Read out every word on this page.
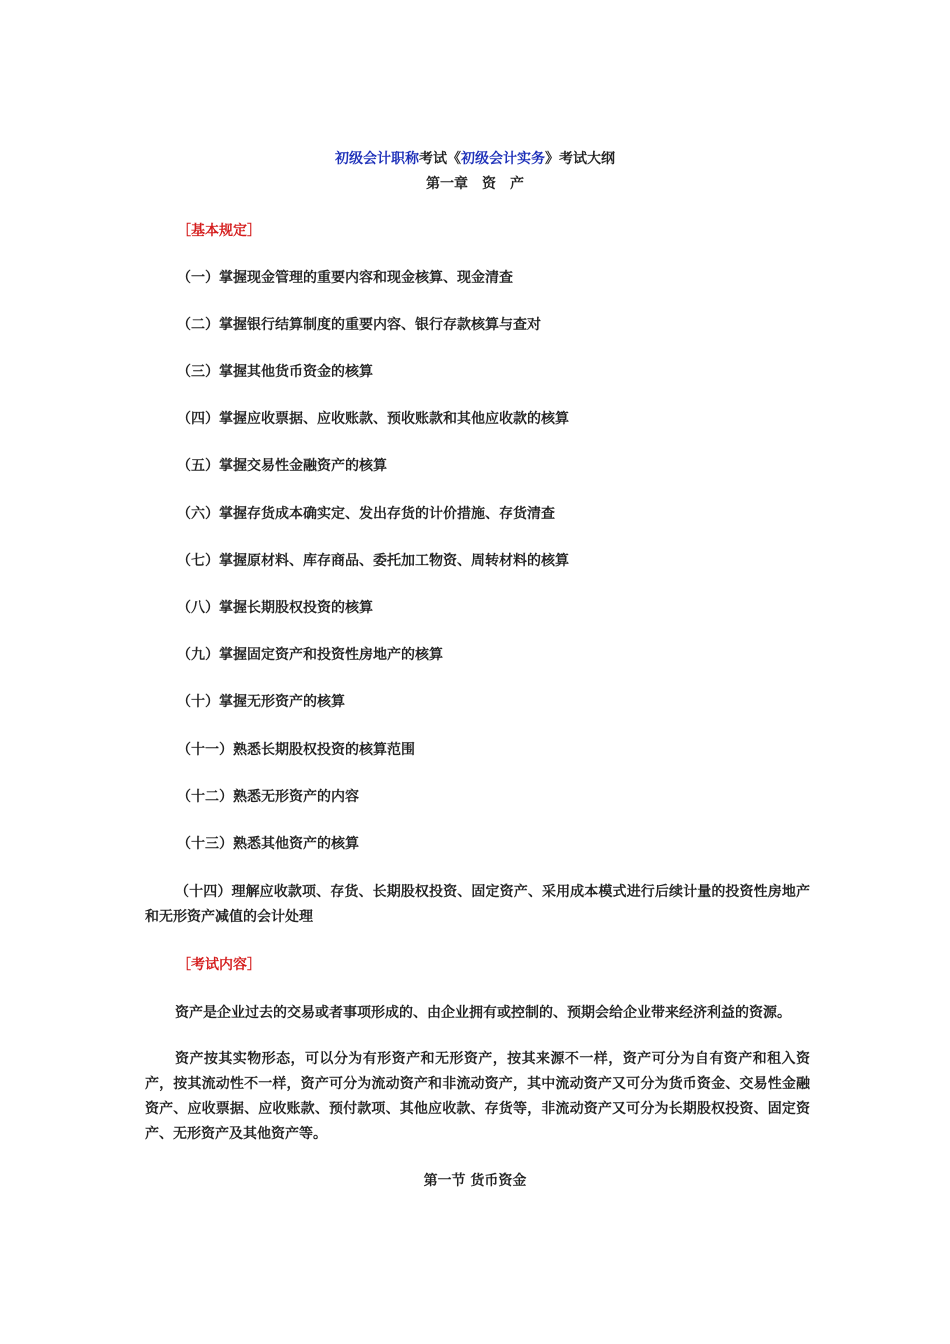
初级会计职称考试《初级会计实务》考试大纲
第一章　资　产
［基本规定］
（一）掌握现金管理的重要内容和现金核算、现金清查
（二）掌握银行结算制度的重要内容、银行存款核算与查对
（三）掌握其他货币资金的核算
（四）掌握应收票据、应收账款、预收账款和其他应收款的核算
（五）掌握交易性金融资产的核算
（六）掌握存货成本确实定、发出存货的计价措施、存货清查
（七）掌握原材料、库存商品、委托加工物资、周转材料的核算
（八）掌握长期股权投资的核算
（九）掌握固定资产和投资性房地产的核算
（十）掌握无形资产的核算
（十一）熟悉长期股权投资的核算范围
（十二）熟悉无形资产的内容
（十三）熟悉其他资产的核算
（十四）理解应收款项、存货、长期股权投资、固定资产、采用成本模式进行后续计量的投资性房地产和无形资产减值的会计处理
［考试内容］
资产是企业过去的交易或者事项形成的、由企业拥有或控制的、预期会给企业带来经济利益的资源。
资产按其实物形态，可以分为有形资产和无形资产，按其来源不一样，资产可分为自有资产和租入资产，按其流动性不一样，资产可分为流动资产和非流动资产，其中流动资产又可分为货币资金、交易性金融资产、应收票据、应收账款、预付款项、其他应收款、存货等，非流动资产又可分为长期股权投资、固定资产、无形资产及其他资产等。
第一节 货币资金
